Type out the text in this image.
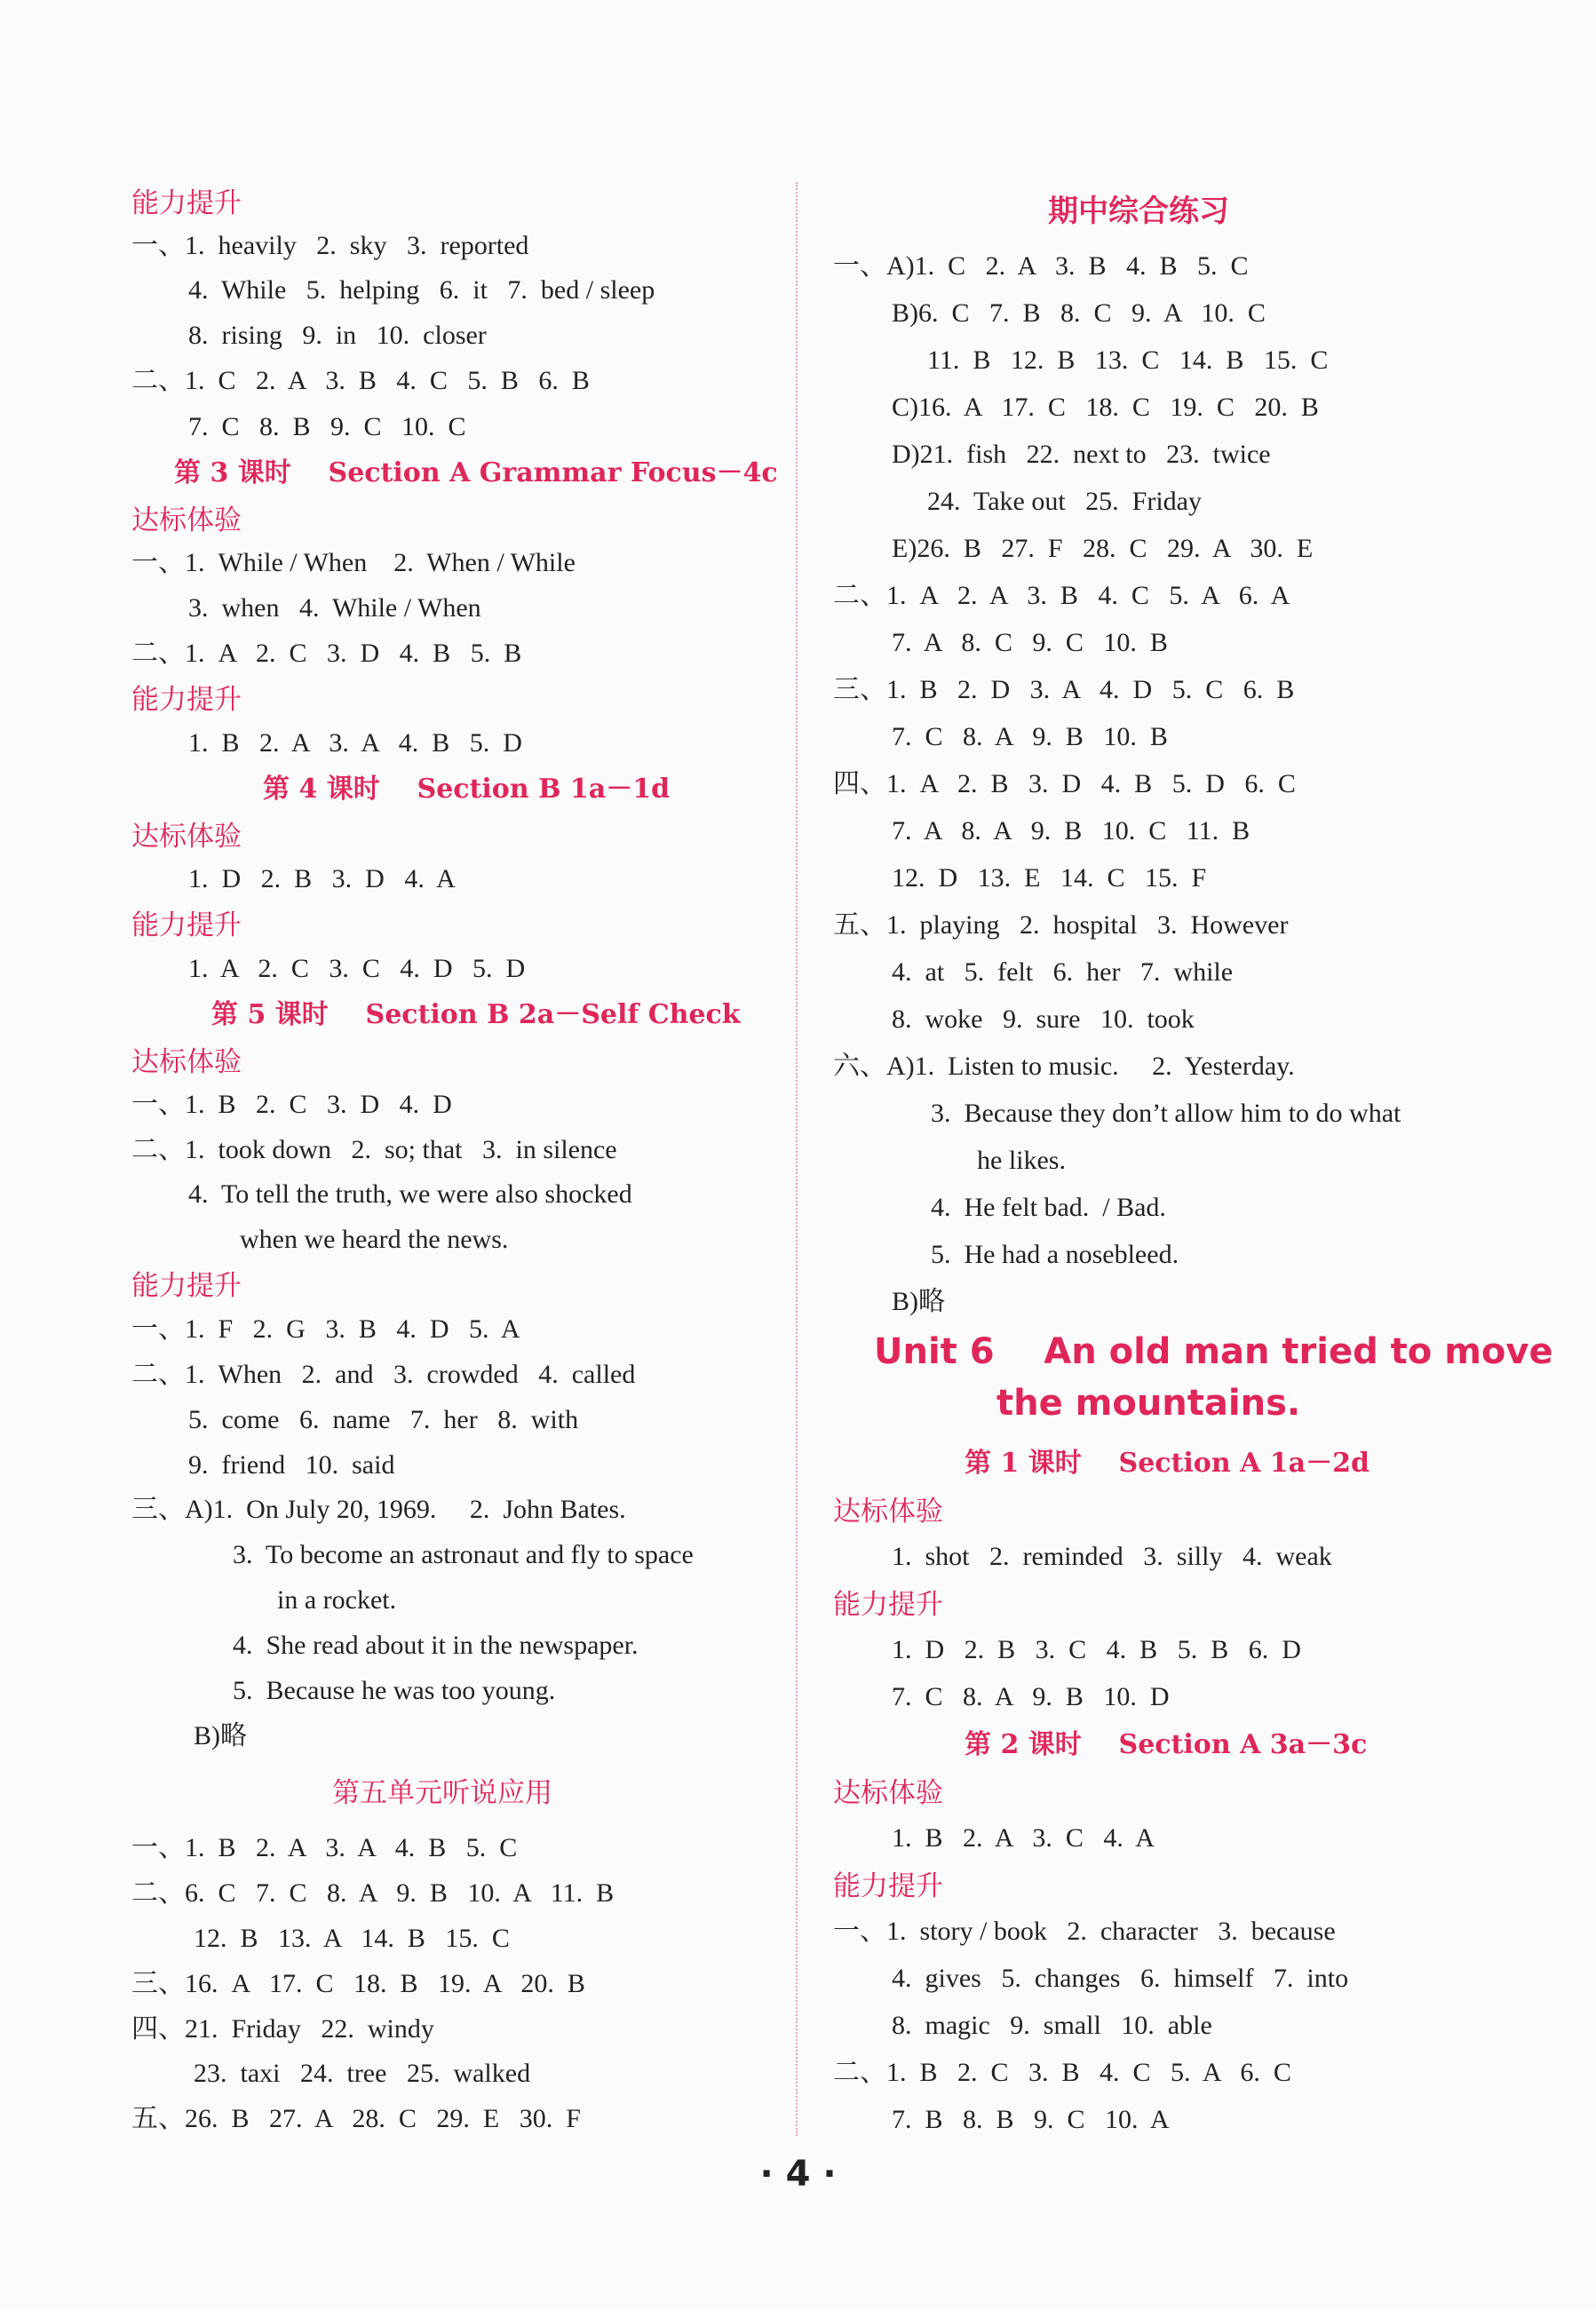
能力提升
一、1.  heavily   2.  sky   3.  reported
4.  While   5.  helping   6.  it   7.  bed / sleep
8.  rising   9.  in   10.  closer
二、1.  C   2.  A   3.  B   4.  C   5.  B   6.  B
7.  C   8.  B   9.  C   10.  C
第 3 课时    Section A Grammar Focus－4c
达标体验
一、1.  While / When    2.  When / While
3.  when   4.  While / When
二、1.  A   2.  C   3.  D   4.  B   5.  B
能力提升
1.  B   2.  A   3.  A   4.  B   5.  D
第 4 课时    Section B 1a－1d
达标体验
1.  D   2.  B   3.  D   4.  A
能力提升
1.  A   2.  C   3.  C   4.  D   5.  D
第 5 课时    Section B 2a－Self Check
达标体验
一、1.  B   2.  C   3.  D   4.  D
二、1.  took down   2.  so; that   3.  in silence
4.  To tell the truth, we were also shocked
when we heard the news.
能力提升
一、1.  F   2.  G   3.  B   4.  D   5.  A
二、1.  When   2.  and   3.  crowded   4.  called
5.  come   6.  name   7.  her   8.  with
9.  friend   10.  said
三、A)1.  On July 20, 1969.     2.  John Bates.
3.  To become an astronaut and fly to space
in a rocket.
4.  She read about it in the newspaper.
5.  Because he was too young.
B)略
第五单元听说应用
一、1.  B   2.  A   3.  A   4.  B   5.  C
二、6.  C   7.  C   8.  A   9.  B   10.  A   11.  B
12.  B   13.  A   14.  B   15.  C
三、16.  A   17.  C   18.  B   19.  A   20.  B
四、21.  Friday   22.  windy
23.  taxi   24.  tree   25.  walked
五、26.  B   27.  A   28.  C   29.  E   30.  F
期中综合练习
一、A)1.  C   2.  A   3.  B   4.  B   5.  C
B)6.  C   7.  B   8.  C   9.  A   10.  C
11.  B   12.  B   13.  C   14.  B   15.  C
C)16.  A   17.  C   18.  C   19.  C   20.  B
D)21.  fish   22.  next to   23.  twice
24.  Take out   25.  Friday
E)26.  B   27.  F   28.  C   29.  A   30.  E
二、1.  A   2.  A   3.  B   4.  C   5.  A   6.  A
7.  A   8.  C   9.  C   10.  B
三、1.  B   2.  D   3.  A   4.  D   5.  C   6.  B
7.  C   8.  A   9.  B   10.  B
四、1.  A   2.  B   3.  D   4.  B   5.  D   6.  C
7.  A   8.  A   9.  B   10.  C   11.  B
12.  D   13.  E   14.  C   15.  F
五、1.  playing   2.  hospital   3.  However
4.  at   5.  felt   6.  her   7.  while
8.  woke   9.  sure   10.  took
六、A)1.  Listen to music.     2.  Yesterday.
3.  Because they don’t allow him to do what
he likes.
4.  He felt bad.  / Bad.
5.  He had a nosebleed.
B)略
Unit 6    An old man tried to move
the mountains.
第 1 课时    Section A 1a－2d
达标体验
1.  shot   2.  reminded   3.  silly   4.  weak
能力提升
1.  D   2.  B   3.  C   4.  B   5.  B   6.  D
7.  C   8.  A   9.  B   10.  D
第 2 课时    Section A 3a－3c
达标体验
1.  B   2.  A   3.  C   4.  A
能力提升
一、1.  story / book   2.  character   3.  because
4.  gives   5.  changes   6.  himself   7.  into
8.  magic   9.  small   10.  able
二、1.  B   2.  C   3.  B   4.  C   5.  A   6.  C
7.  B   8.  B   9.  C   10.  A
· 4 ·
